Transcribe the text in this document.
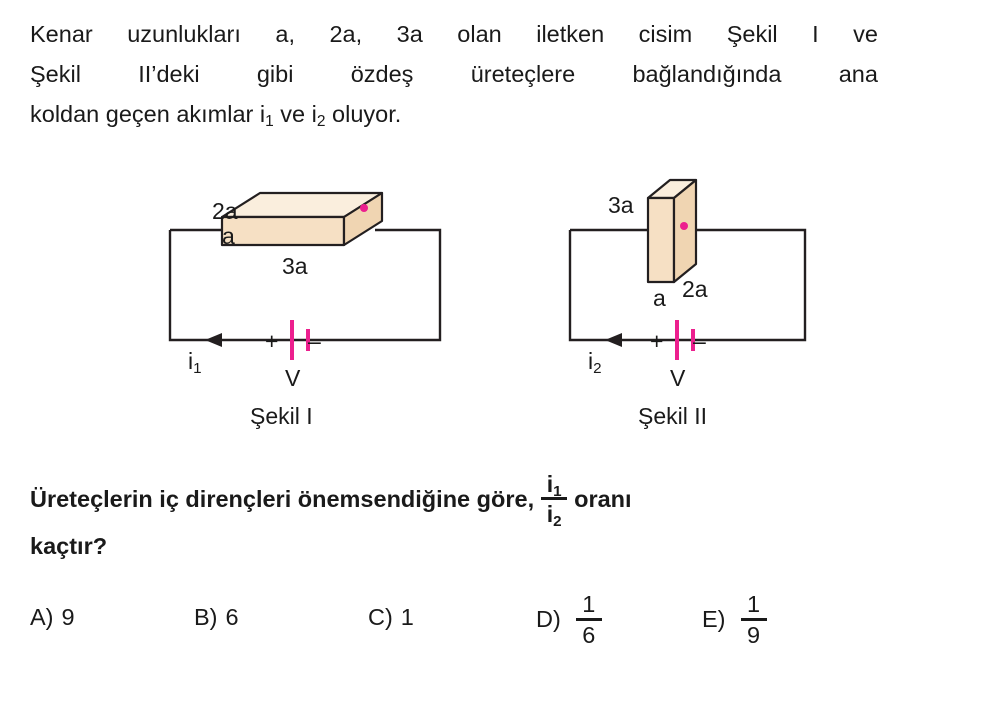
Kenar uzunlukları a, 2a, 3a olan iletken cisim Şekil I ve
Şekil II’deki gibi özdeş üreteçlere bağlandığında ana
koldan geçen akımlar $i_1$ ve $i_2$ oluyor.
2a
a
3a
$i_1$
+ –
V
Şekil I
3a
a 2a
$i_2$
+ –
V
Şekil II
Üreteçlerin iç dirençleri önemsendiğine göre, $\frac{i_1}{i_2}$ oranı
kaçtır?
A) 9	B) 6	C) 1	$D) \frac{1}{6}$	$E) \frac{1}{9}$
